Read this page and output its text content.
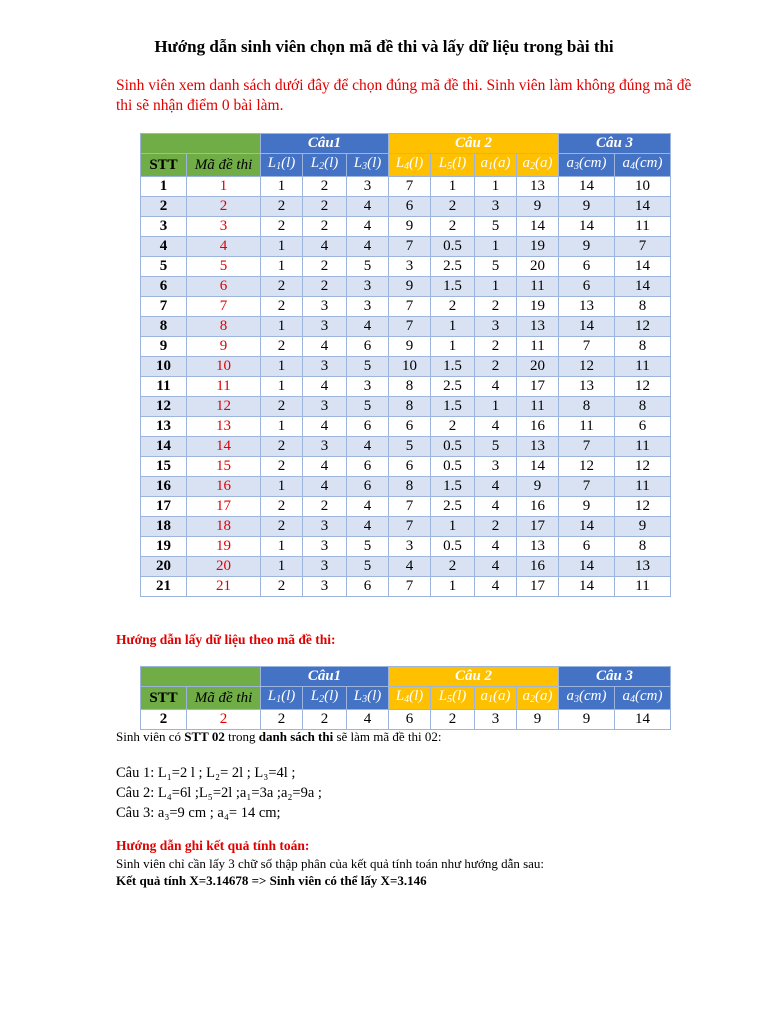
Hướng dẫn sinh viên chọn mã đề thi và lấy dữ liệu trong bài thi
Sinh viên xem danh sách dưới đây để chọn đúng mã đề thi. Sinh viên làm không đúng mã đề thi sẽ nhận điểm 0 bài làm.
		Câu1			Câu 2				Câu 3	
STT	Mã đề thi	$L_1(l)$	$L_2(l)$	$L_3(l)$	$L_4(l)$	$L_5(l)$	$a_1(a)$	$a_2(a)$	$a_3(cm)$	$a_4(cm)$
1	1	1	2	3	7	1	1	13	14	10
2	2	2	2	4	6	2	3	9	9	14
3	3	2	2	4	9	2	5	14	14	11
4	4	1	4	4	7	0.5	1	19	9	7
5	5	1	2	5	3	2.5	5	20	6	14
6	6	2	2	3	9	1.5	1	11	6	14
7	7	2	3	3	7	2	2	19	13	8
8	8	1	3	4	7	1	3	13	14	12
9	9	2	4	6	9	1	2	11	7	8
10	10	1	3	5	10	1.5	2	20	12	11
11	11	1	4	3	8	2.5	4	17	13	12
12	12	2	3	5	8	1.5	1	11	8	8
13	13	1	4	6	6	2	4	16	11	6
14	14	2	3	4	5	0.5	5	13	7	11
15	15	2	4	6	6	0.5	3	14	12	12
16	16	1	4	6	8	1.5	4	9	7	11
17	17	2	2	4	7	2.5	4	16	9	12
18	18	2	3	4	7	1	2	17	14	9
19	19	1	3	5	3	0.5	4	13	6	8
20	20	1	3	5	4	2	4	16	14	13
21	21	2	3	6	7	1	4	17	14	11
Hướng dẫn lấy dữ liệu theo mã đề thi:
		Câu1			Câu 2				Câu 3	
STT	Mã đề thi	$L_1(l)$	$L_2(l)$	$L_3(l)$	$L_4(l)$	$L_5(l)$	$a_1(a)$	$a_2(a)$	$a_3(cm)$	$a_4(cm)$
2	2	2	2	4	6	2	3	9	9	14
Sinh viên có STT 02 trong danh sách thi sẽ làm mã đề thi 02:
Câu 1: L₁=2 l ; L₂= 2l ; L₃=4l ;
Câu 2: L₄=6l ;L₅=2l ;a₁=3a ;a₂=9a ;
Câu 3: a₃=9 cm ; a₄= 14 cm;
Hướng dẫn ghi kết quả tính toán:
Sinh viên chỉ cần lấy 3 chữ số thập phân của kết quả tính toán như hướng dẫn sau:
Kết quả tính X=3.14678 => Sinh viên có thể lấy X=3.146
